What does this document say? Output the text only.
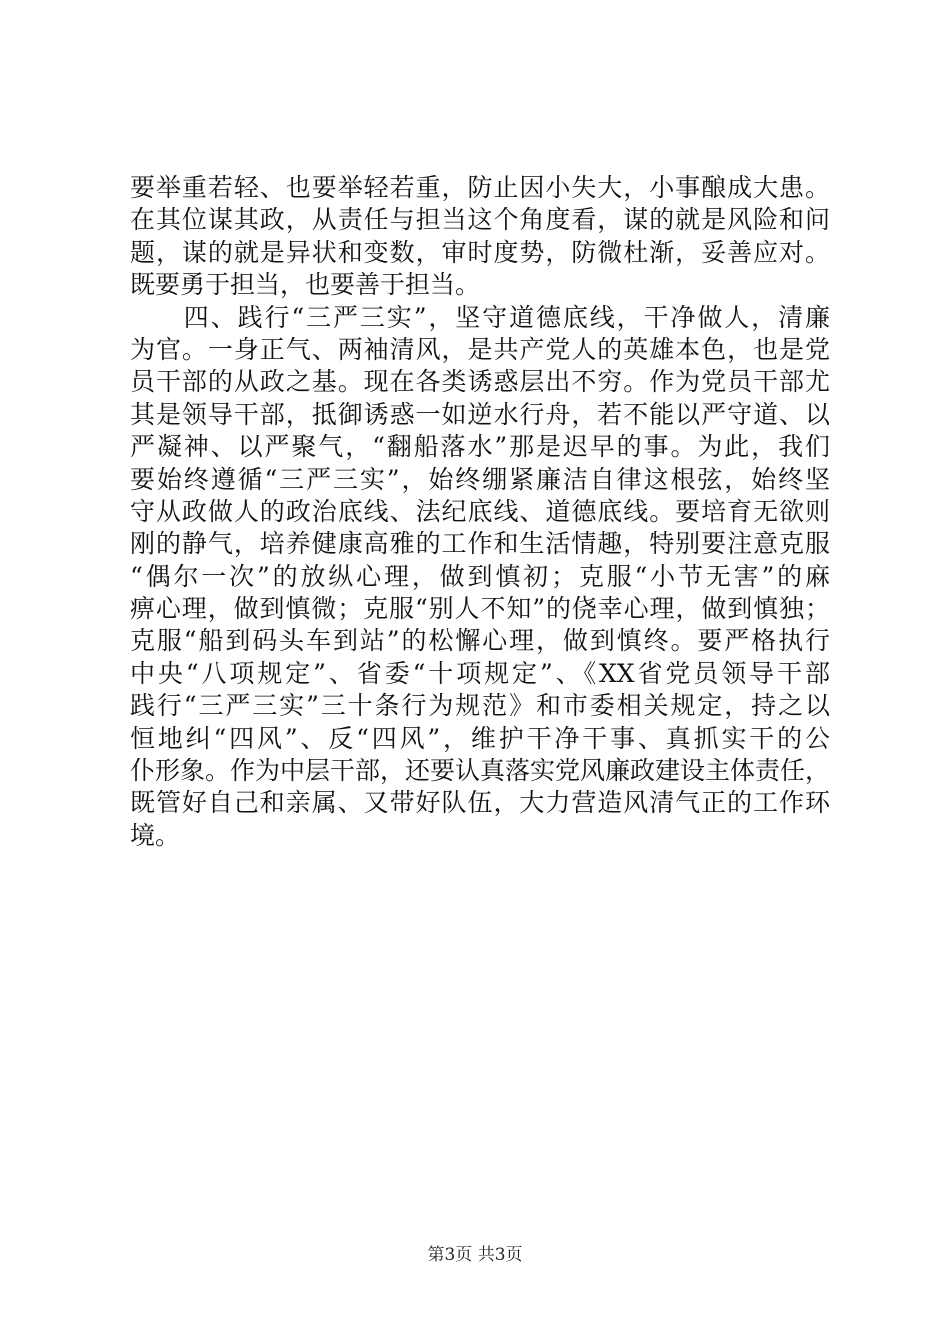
要举重若轻、也要举轻若重，防止因小失大，小事酿成大患。
在其位谋其政，从责任与担当这个角度看，谋的就是风险和问
题，谋的就是异状和变数，审时度势，防微杜渐，妥善应对。
既要勇于担当，也要善于担当。
　　四、践行“三严三实”，坚守道德底线，干净做人，清廉
为官。一身正气、两袖清风，是共产党人的英雄本色，也是党
员干部的从政之基。现在各类诱惑层出不穷。作为党员干部尤
其是领导干部，抵御诱惑一如逆水行舟，若不能以严守道、以
严凝神、以严聚气，“翻船落水”那是迟早的事。为此，我们
要始终遵循“三严三实”，始终绷紧廉洁自律这根弦，始终坚
守从政做人的政治底线、法纪底线、道德底线。要培育无欲则
刚的静气，培养健康高雅的工作和生活情趣，特别要注意克服
“偶尔一次”的放纵心理，做到慎初；克服“小节无害”的麻
痹心理，做到慎微；克服“别人不知”的侥幸心理，做到慎独；
克服“船到码头车到站”的松懈心理，做到慎终。要严格执行
中央“八项规定”、省委“十项规定”、《XX省党员领导干部
践行“三严三实”三十条行为规范》和市委相关规定，持之以
恒地纠“四风”、反“四风”，维护干净干事、真抓实干的公
仆形象。作为中层干部，还要认真落实党风廉政建设主体责任，
既管好自己和亲属、又带好队伍，大力营造风清气正的工作环
境。
第3页 共3页
